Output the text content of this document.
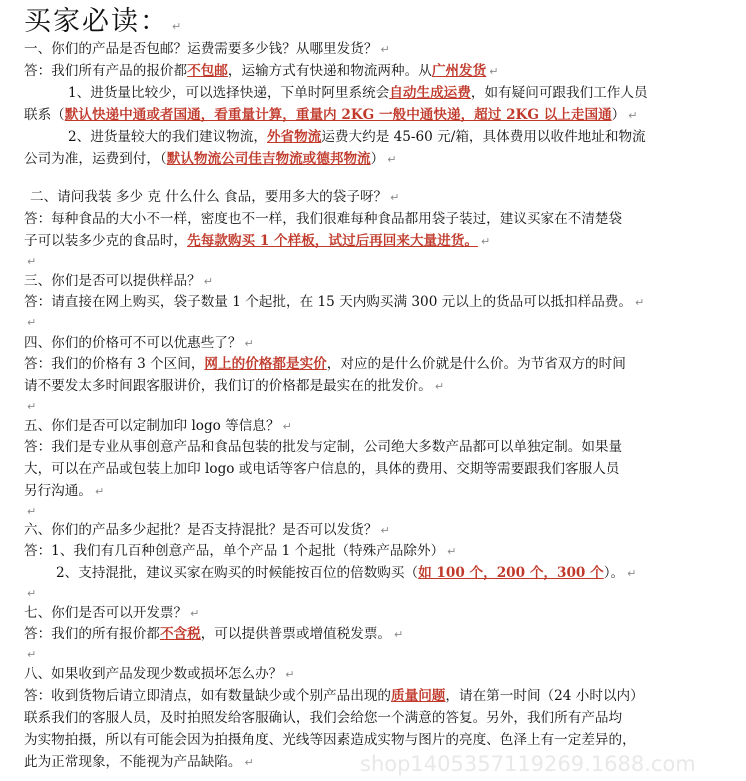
买家必读： ↵
一、你们的产品是否包邮？运费需要多少钱？从哪里发货？ ↵
答：我们所有产品的报价都不包邮，运输方式有快递和物流两种。从广州发货 ↵
1、进货量比较少，可以选择快递，下单时阿里系统会自动生成运费，如有疑问可跟我们工作人员
联系（默认快递中通或者国通，看重量计算，重量内 2KG 一般中通快递，超过 2KG 以上走国通） ↵
2、进货量较大的我们建议物流，外省物流运费大约是 45-60 元/箱，具体费用以收件地址和物流
公司为准，运费到付，（默认物流公司佳吉物流或德邦物流） ↵
二、请问我装 多少 克 什么什么 食品，要用多大的袋子呀？ ↵
答：每种食品的大小不一样，密度也不一样，我们很难每种食品都用袋子装过，建议买家在不清楚袋
子可以装多少克的食品时，先每款购买 1 个样板，试过后再回来大量进货。 ↵
↵
三、你们是否可以提供样品？ ↵
答：请直接在网上购买，袋子数量 1 个起批，在 15 天内购买满 300 元以上的货品可以抵扣样品费。 ↵
↵
四、你们的价格可不可以优惠些了？ ↵
答：我们的价格有 3 个区间，网上的价格都是实价，对应的是什么价就是什么价。为节省双方的时间
请不要发太多时间跟客服讲价，我们订的价格都是最实在的批发价。 ↵
↵
五、你们是否可以定制加印 logo 等信息？ ↵
答：我们是专业从事创意产品和食品包装的批发与定制，公司绝大多数产品都可以单独定制。如果量
大，可以在产品或包装上加印 logo 或电话等客户信息的，具体的费用、交期等需要跟我们客服人员
另行沟通。 ↵
↵
六、你们的产品多少起批？是否支持混批？是否可以发货？ ↵
答：1、我们有几百种创意产品，单个产品 1 个起批（特殊产品除外） ↵
2、支持混批，建议买家在购买的时候能按百位的倍数购买（如 100 个，200 个，300 个）。 ↵
↵
七、你们是否可以开发票？ ↵
答：我们的所有报价都不含税，可以提供普票或增值税发票。 ↵
↵
八、如果收到产品发现少数或损坏怎么办？ ↵
答：收到货物后请立即清点，如有数量缺少或个别产品出现的质量问题，请在第一时间（24 小时以内）
联系我们的客服人员，及时拍照发给客服确认，我们会给您一个满意的答复。另外，我们所有产品均
为实物拍摄，所以有可能会因为拍摄角度、光线等因素造成实物与图片的亮度、色泽上有一定差异的，
此为正常现象，不能视为产品缺陷。 ↵	shop1405357119269.1688.com
